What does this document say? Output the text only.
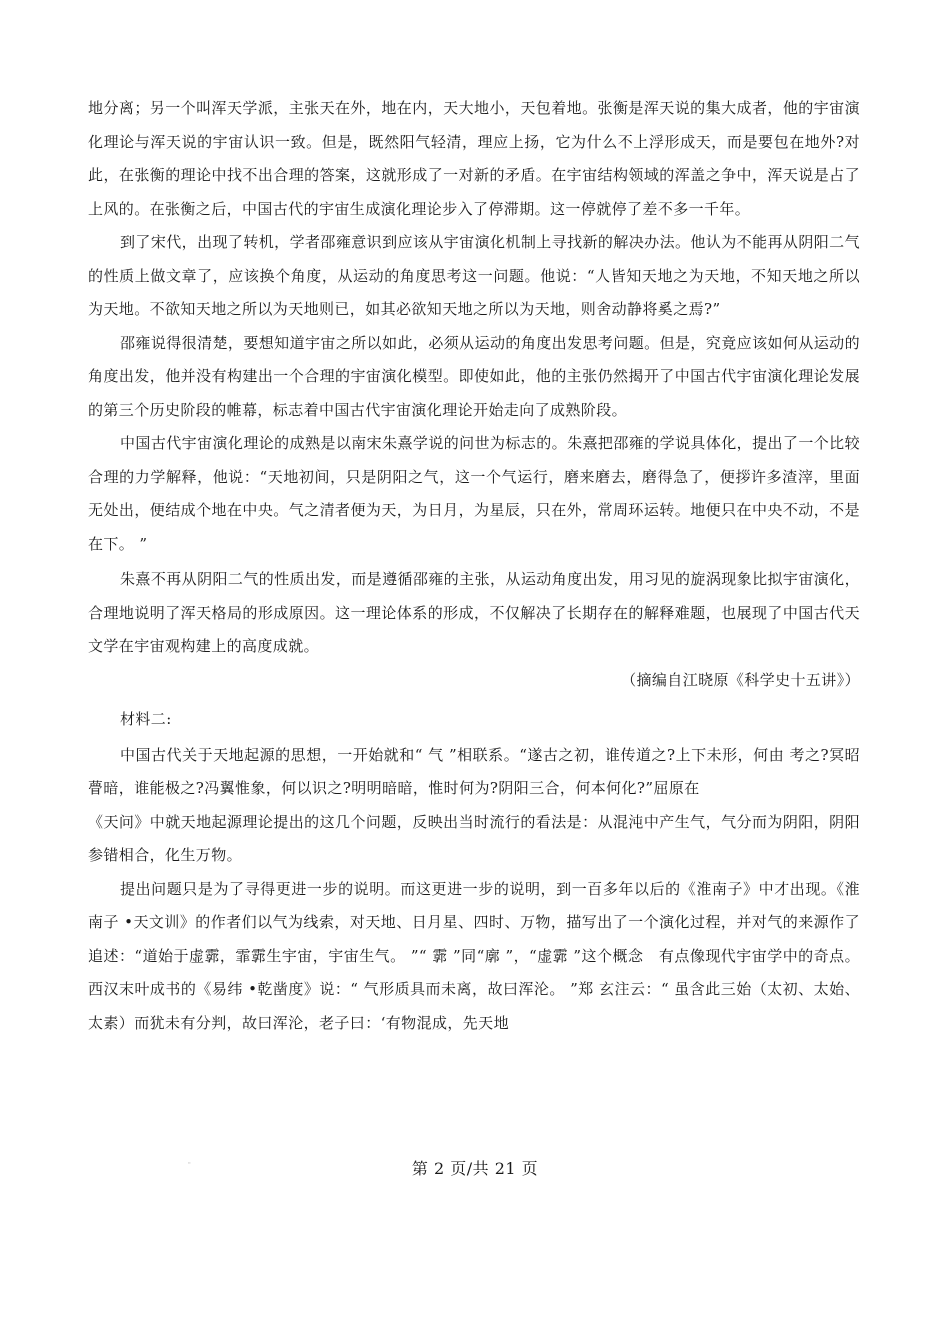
地分离；另一个叫浑天学派，主张天在外，地在内，天大地小，天包着地。张衡是浑天说的集大成者，他的宇宙演化理论与浑天说的宇宙认识一致。但是，既然阳气轻清，理应上扬，它为什么不上浮形成天，而是要包在地外?对此，在张衡的理论中找不出合理的答案，这就形成了一对新的矛盾。在宇宙结构领域的浑盖之争中，浑天说是占了上风的。在张衡之后，中国古代的宇宙生成演化理论步入了停滞期。这一停就停了差不多一千年。

到了宋代，出现了转机，学者邵雍意识到应该从宇宙演化机制上寻找新的解决办法。他认为不能再从阴阳二气的性质上做文章了，应该换个角度，从运动的角度思考这一问题。他说：“人皆知天地之为天地，不知天地之所以为天地。不欲知天地之所以为天地则已，如其必欲知天地之所以为天地，则舍动静将奚之焉?”

邵雍说得很清楚，要想知道宇宙之所以如此，必须从运动的角度出发思考问题。但是，究竟应该如何从运动的角度出发，他并没有构建出一个合理的宇宙演化模型。即使如此，他的主张仍然揭开了中国古代宇宙演化理论发展的第三个历史阶段的帷幕，标志着中国古代宇宙演化理论开始走向了成熟阶段。

中国古代宇宙演化理论的成熟是以南宋朱熹学说的问世为标志的。朱熹把邵雍的学说具体化，提出了一个比较合理的力学解释，他说：“天地初间，只是阴阳之气，这一个气运行，磨来磨去，磨得急了，便拶许多渣滓，里面无处出，便结成个地在中央。气之清者便为天，为日月，为星辰，只在外，常周环运转。地便只在中央不动，不是在下。 ”

朱熹不再从阴阳二气的性质出发，而是遵循邵雍的主张，从运动角度出发，用习见的旋涡现象比拟宇宙演化，合理地说明了浑天格局的形成原因。这一理论体系的形成，不仅解决了长期存在的解释难题，也展现了中国古代天文学在宇宙观构建上的高度成就。

（摘编自江晓原《科学史十五讲》）

材料二:

中国古代关于天地起源的思想，一开始就和“ 气 ”相联系。“遂古之初，谁传道之?上下未形，何由 考之?冥昭瞢暗，谁能极之?冯翼惟象，何以识之?明明暗暗，惟时何为?阴阳三合，何本何化?”屈原在

《天问》中就天地起源理论提出的这几个问题，反映出当时流行的看法是：从混沌中产生气，气分而为阴阳，阴阳参错相合，化生万物。

提出问题只是为了寻得更进一步的说明。而这更进一步的说明，到一百多年以后的《淮南子》中才出现。《淮南子 •天文训》的作者们以气为线索，对天地、日月星、四时、万物，描写出了一个演化过程，并对气的来源作了追述：“道始于虚霩，霏霩生宇宙，宇宙生气。 ”“ 霩 ”同“廓 ”，“虚霩 ”这个概念　有点像现代宇宙学中的奇点。西汉末叶成书的《易纬 •乾凿度》说：“ 气形质具而未离，故曰浑沦。 ”郑 玄注云：“ 虽含此三始（太初、太始、太素）而犹未有分判，故曰浑沦，老子曰：‘有物混成，先天地

"	第 2 页/共 21 页
